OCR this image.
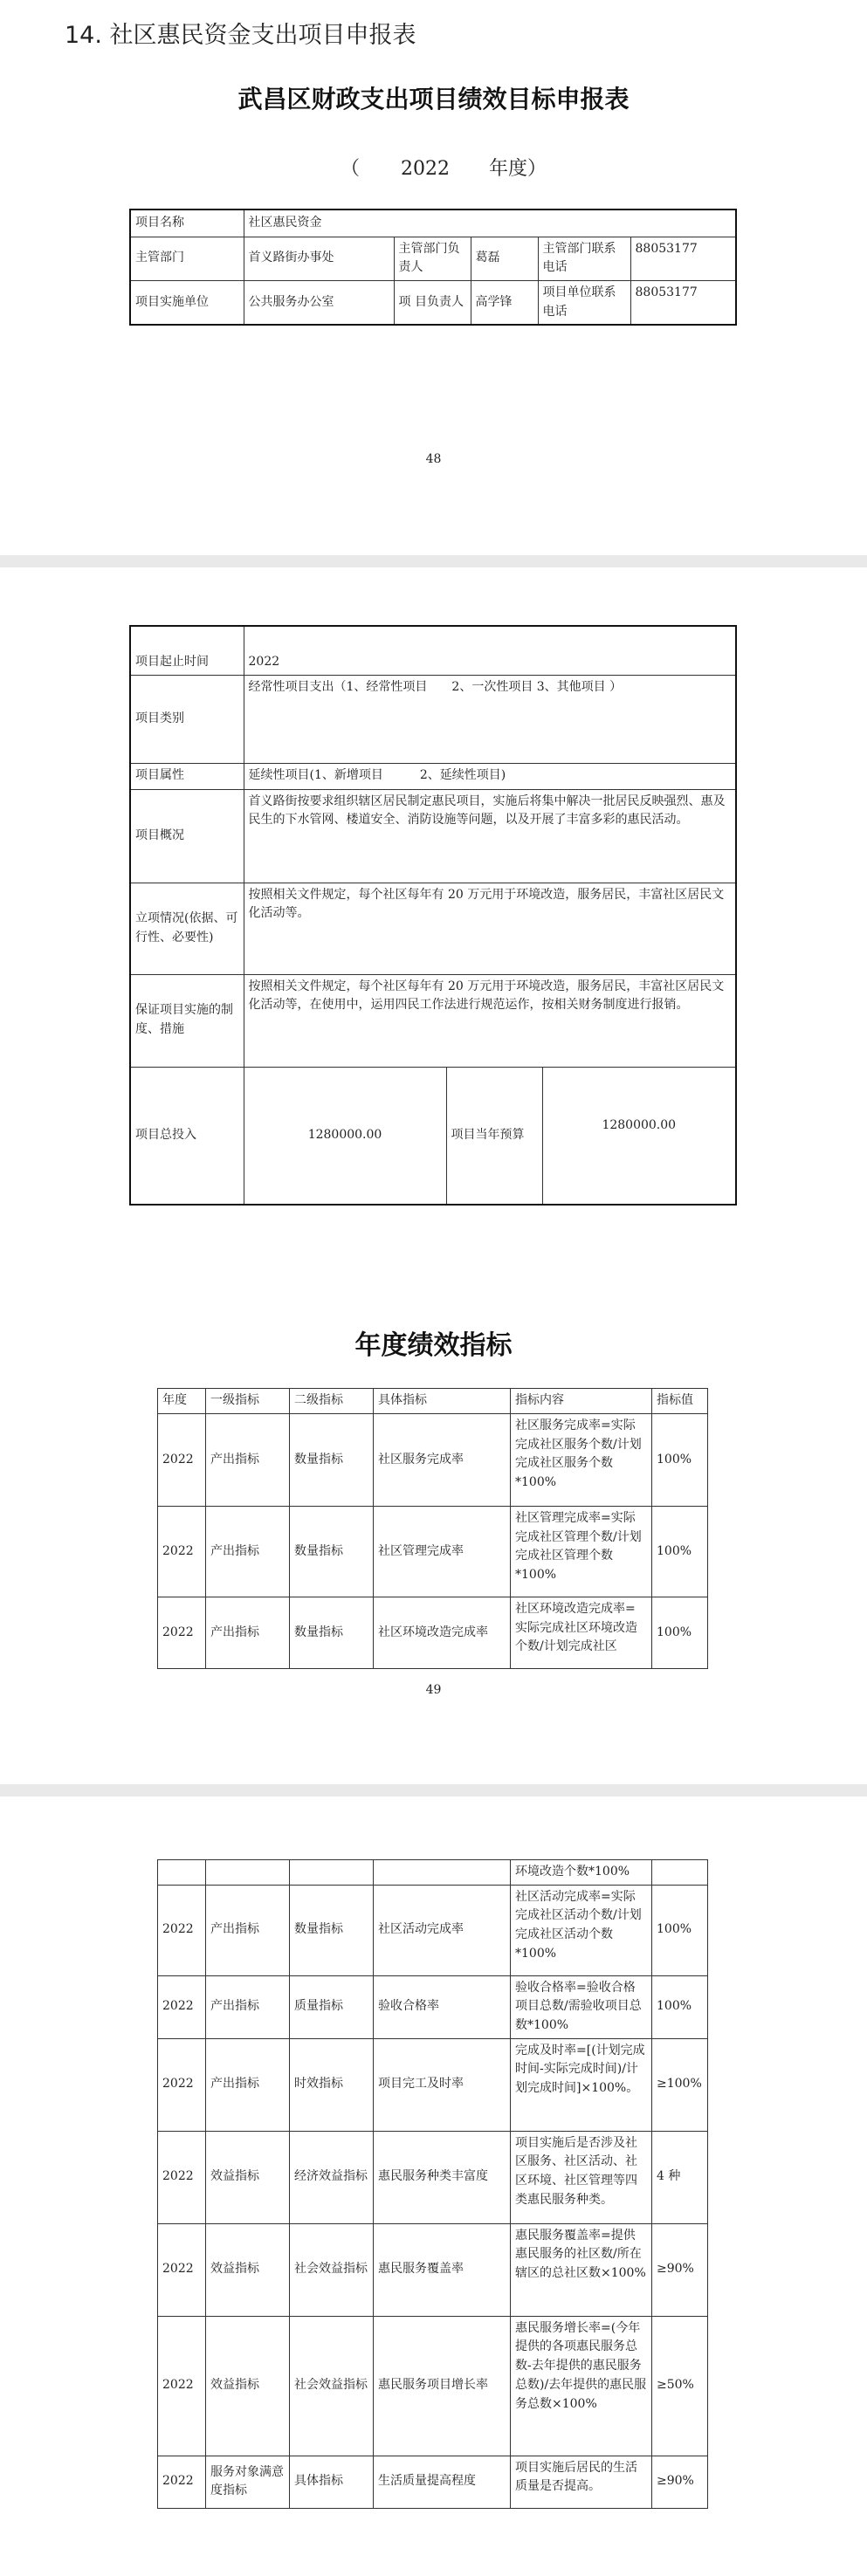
14. 社区惠民资金支出项目申报表
武昌区财政支出项目绩效目标申报表
（ 2022 年度）
项目名称	社区惠民资金				
主管部门	首义路街办事处	主管部门负责人	葛磊	主管部门联系电话	88053177
项目实施单位	公共服务办公室	项 目负责人	高学锋	项目单位联系电话	88053177
48
项目起止时间	2022		
项目类别	经常性项目支出（1、经常性项目　　2、一次性项目 3、其他项目 ）		
项目属性	延续性项目(1、新增项目　　　2、延续性项目)		
项目概况	首义路街按要求组织辖区居民制定惠民项目，实施后将集中解决一批居民反映强烈、惠及民生的下水管网、楼道安全、消防设施等问题，以及开展了丰富多彩的惠民活动。		
立项情况(依据、可行性、必要性)	按照相关文件规定，每个社区每年有 20 万元用于环境改造，服务居民，丰富社区居民文化活动等。		
保证项目实施的制度、措施	按照相关文件规定，每个社区每年有 20 万元用于环境改造，服务居民，丰富社区居民文化活动等，在使用中，运用四民工作法进行规范运作，按相关财务制度进行报销。		
项目总投入	1280000.00	项目当年预算	1280000.00
年度绩效指标
年度	一级指标	二级指标	具体指标	指标内容	指标值
2022	产出指标	数量指标	社区服务完成率	社区服务完成率=实际完成社区服务个数/计划完成社区服务个数*100%	100%
2022	产出指标	数量指标	社区管理完成率	社区管理完成率=实际完成社区管理个数/计划完成社区管理个数*100%	100%
2022	产出指标	数量指标	社区环境改造完成率	社区环境改造完成率=实际完成社区环境改造个数/计划完成社区	100%
49
				环境改造个数*100%	
2022	产出指标	数量指标	社区活动完成率	社区活动完成率=实际完成社区活动个数/计划完成社区活动个数*100%	100%
2022	产出指标	质量指标	验收合格率	验收合格率=验收合格项目总数/需验收项目总数*100%	100%
2022	产出指标	时效指标	项目完工及时率	完成及时率=[(计划完成时间-实际完成时间)/计划完成时间]×100%。	≥100%
2022	效益指标	经济效益指标	惠民服务种类丰富度	项目实施后是否涉及社区服务、社区活动、社区环境、社区管理等四类惠民服务种类。	4 种
2022	效益指标	社会效益指标	惠民服务覆盖率	惠民服务覆盖率=提供惠民服务的社区数/所在辖区的总社区数×100%	≥90%
2022	效益指标	社会效益指标	惠民服务项目增长率	惠民服务增长率=(今年提供的各项惠民服务总数-去年提供的惠民服务总数)/去年提供的惠民服务总数×100%	≥50%
2022	服务对象满意度指标	具体指标	生活质量提高程度	项目实施后居民的生活质量是否提高。	≥90%
